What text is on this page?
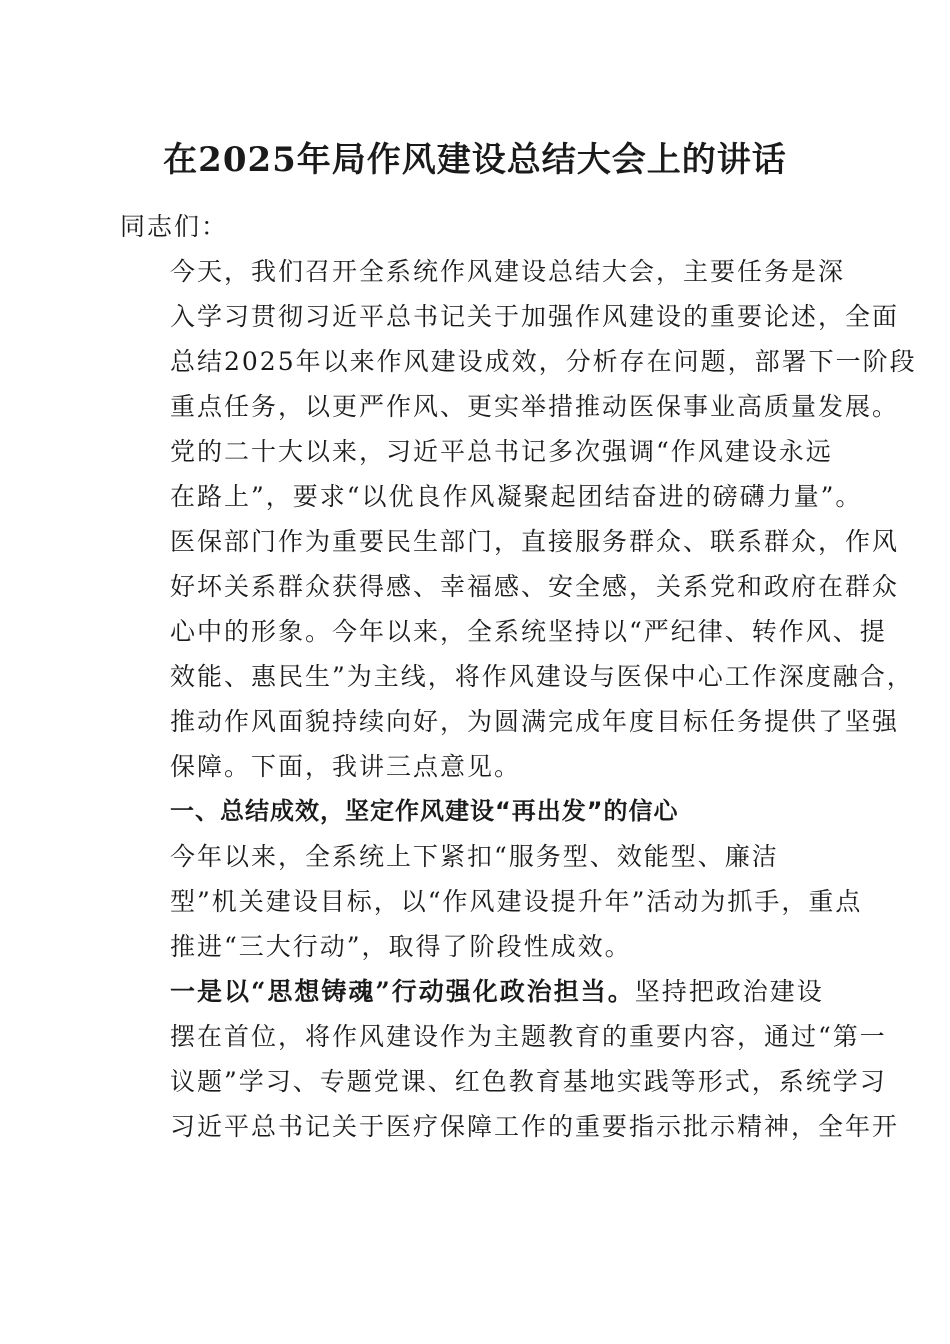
在2025年局作风建设总结大会上的讲话

同志们：

今天，我们召开全系统作风建设总结大会，主要任务是深
入学习贯彻习近平总书记关于加强作风建设的重要论述，全面
总结2025年以来作风建设成效，分析存在问题，部署下一阶段
重点任务，以更严作风、更实举措推动医保事业高质量发展。

党的二十大以来，习近平总书记多次强调“作风建设永远
在路上”，要求“以优良作风凝聚起团结奋进的磅礴力量”。
医保部门作为重要民生部门，直接服务群众、联系群众，作风
好坏关系群众获得感、幸福感、安全感，关系党和政府在群众
心中的形象。今年以来，全系统坚持以“严纪律、转作风、提
效能、惠民生”为主线，将作风建设与医保中心工作深度融合，
推动作风面貌持续向好，为圆满完成年度目标任务提供了坚强
保障。下面，我讲三点意见。

一、总结成效，坚定作风建设“再出发”的信心

今年以来，全系统上下紧扣“服务型、效能型、廉洁
型”机关建设目标，以“作风建设提升年”活动为抓手，重点
推进“三大行动”，取得了阶段性成效。

一是以“思想铸魂”行动强化政治担当。坚持把政治建设
摆在首位，将作风建设作为主题教育的重要内容，通过“第一
议题”学习、专题党课、红色教育基地实践等形式，系统学习
习近平总书记关于医疗保障工作的重要指示批示精神，全年开
